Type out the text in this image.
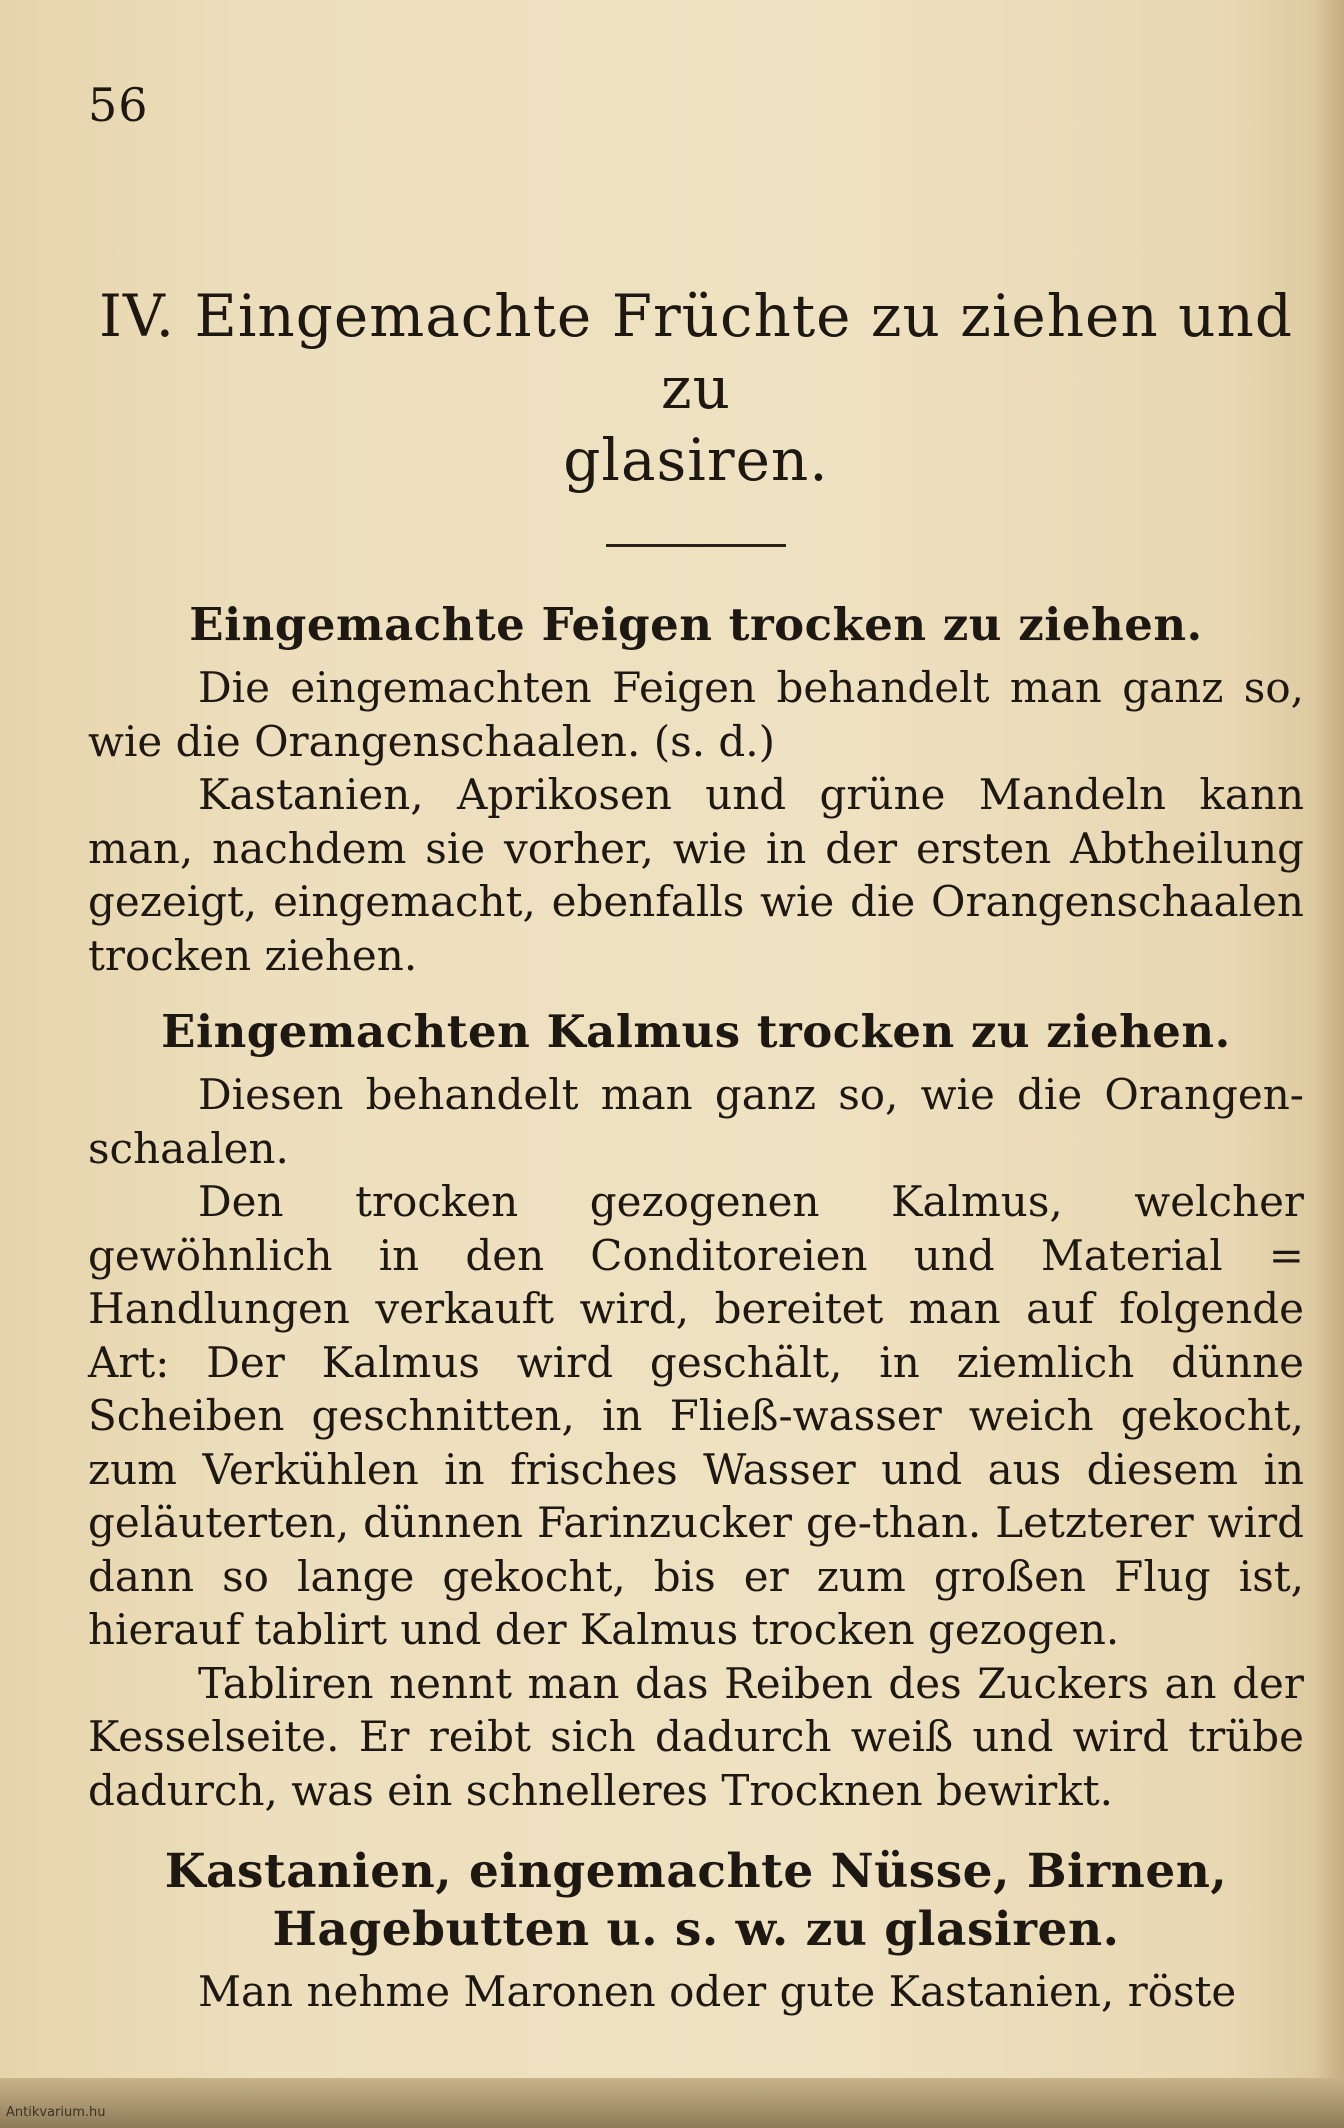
56
IV. Eingemachte Früchte zu ziehen und zu
glasiren.
Eingemachte Feigen trocken zu ziehen.

Die eingemachten Feigen behandelt man ganz so, wie die Orangenschaalen. (s. d.)

Kastanien, Aprikosen und grüne Mandeln kann man, nachdem sie vorher, wie in der ersten Abtheilung gezeigt, eingemacht, ebenfalls wie die Orangenschaalen trocken ziehen.

Eingemachten Kalmus trocken zu ziehen.

Diesen behandelt man ganz so, wie die Orangen-schaalen.

Den trocken gezogenen Kalmus, welcher gewöhnlich in den Conditoreien und Material = Handlungen verkauft wird, bereitet man auf folgende Art: Der Kalmus wird geschält, in ziemlich dünne Scheiben geschnitten, in Fließ-wasser weich gekocht, zum Verkühlen in frisches Wasser und aus diesem in geläuterten, dünnen Farinzucker ge-than. Letzterer wird dann so lange gekocht, bis er zum großen Flug ist, hierauf tablirt und der Kalmus trocken gezogen.

Tabliren nennt man das Reiben des Zuckers an der Kesselseite. Er reibt sich dadurch weiß und wird trübe dadurch, was ein schnelleres Trocknen bewirkt.

Kastanien, eingemachte Nüsse, Birnen, Hagebutten u. s. w. zu glasiren.

Man nehme Maronen oder gute Kastanien, röste

Antikvarium.hu
